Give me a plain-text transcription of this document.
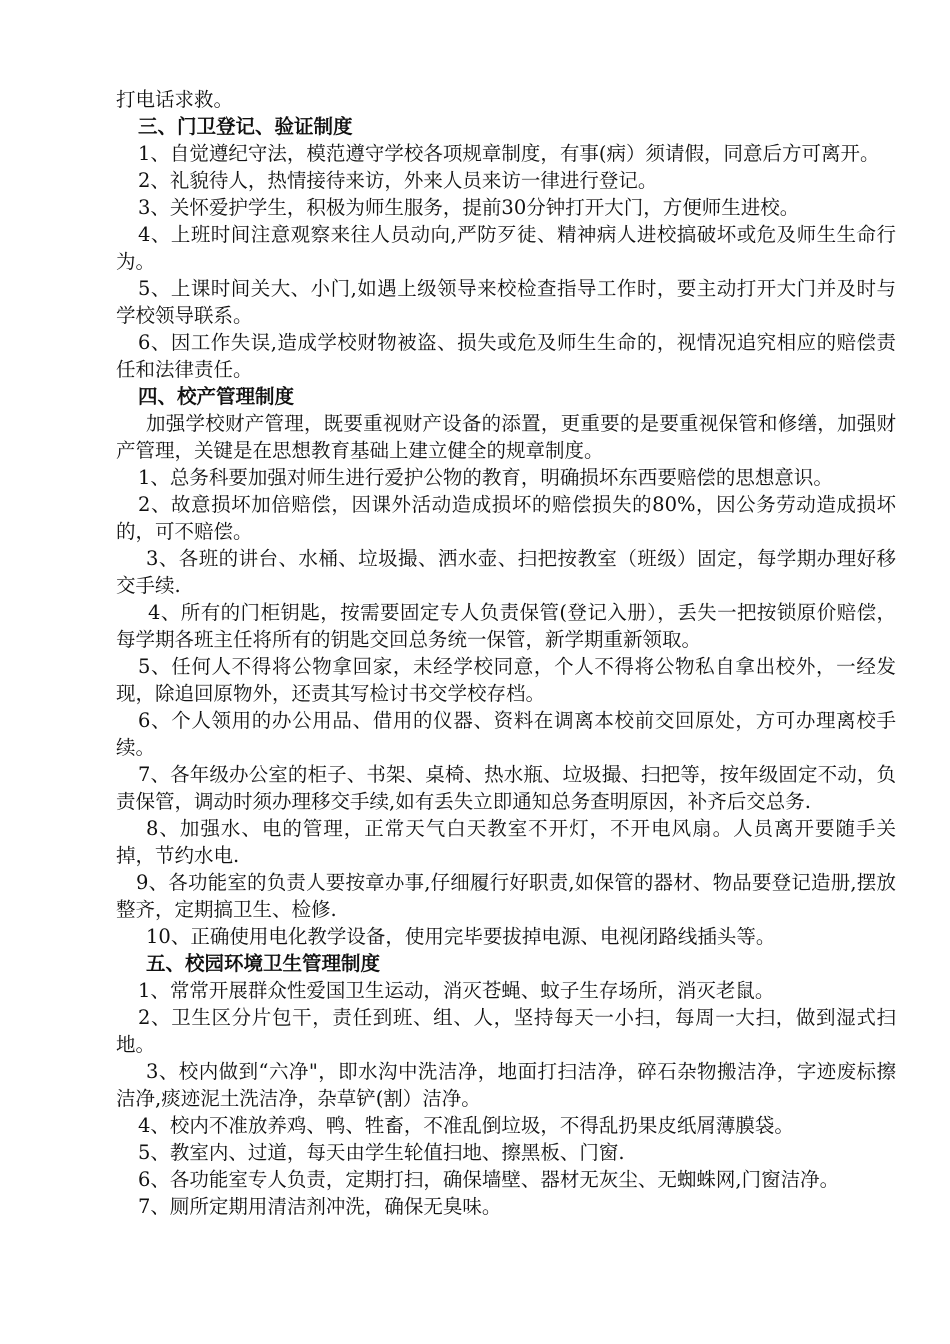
打电话求救。

三、门卫登记、验证制度

1、自觉遵纪守法，模范遵守学校各项规章制度，有事(病）须请假，同意后方可离开。

2、礼貌待人，热情接待来访，外来人员来访一律进行登记。

3、关怀爱护学生，积极为师生服务，提前30分钟打开大门，方便师生进校。

4、上班时间注意观察来往人员动向,严防歹徒、精神病人进校搞破坏或危及师生生命行为。

5、上课时间关大、小门,如遇上级领导来校检查指导工作时，要主动打开大门并及时与学校领导联系。

6、因工作失误,造成学校财物被盗、损失或危及师生生命的，视情况追究相应的赔偿责任和法律责任。

四、校产管理制度

加强学校财产管理，既要重视财产设备的添置，更重要的是要重视保管和修缮，加强财产管理，关键是在思想教育基础上建立健全的规章制度。

1、总务科要加强对师生进行爱护公物的教育，明确损坏东西要赔偿的思想意识。

2、故意损坏加倍赔偿，因课外活动造成损坏的赔偿损失的80%，因公务劳动造成损坏的，可不赔偿。

3、各班的讲台、水桶、垃圾撮、洒水壶、扫把按教室（班级）固定，每学期办理好移交手续.

4、所有的门柜钥匙，按需要固定专人负责保管(登记入册），丢失一把按锁原价赔偿，每学期各班主任将所有的钥匙交回总务统一保管，新学期重新领取。

5、任何人不得将公物拿回家，未经学校同意，个人不得将公物私自拿出校外，一经发现，除追回原物外，还责其写检讨书交学校存档。

6、个人领用的办公用品、借用的仪器、资料在调离本校前交回原处，方可办理离校手续。

7、各年级办公室的柜子、书架、桌椅、热水瓶、垃圾撮、扫把等，按年级固定不动，负责保管，调动时须办理移交手续,如有丢失立即通知总务查明原因，补齐后交总务.

8、加强水、电的管理，正常天气白天教室不开灯，不开电风扇。人员离开要随手关掉，节约水电.

9、各功能室的负责人要按章办事,仔细履行好职责,如保管的器材、物品要登记造册,摆放整齐，定期搞卫生、检修.

10、正确使用电化教学设备，使用完毕要拔掉电源、电视闭路线插头等。

五、校园环境卫生管理制度

1、常常开展群众性爱国卫生运动，消灭苍蝇、蚊子生存场所，消灭老鼠。

2、卫生区分片包干，责任到班、组、人，坚持每天一小扫，每周一大扫，做到湿式扫地。

3、校内做到“六净"，即水沟中洗洁净，地面打扫洁净，碎石杂物搬洁净，字迹废标擦洁净,痰迹泥土洗洁净，杂草铲(割）洁净。

4、校内不准放养鸡、鸭、牲畜，不准乱倒垃圾，不得乱扔果皮纸屑薄膜袋。

5、教室内、过道，每天由学生轮值扫地、擦黑板、门窗.

6、各功能室专人负责，定期打扫，确保墙壁、器材无灰尘、无蜘蛛网,门窗洁净。

7、厕所定期用清洁剂冲洗，确保无臭味。
